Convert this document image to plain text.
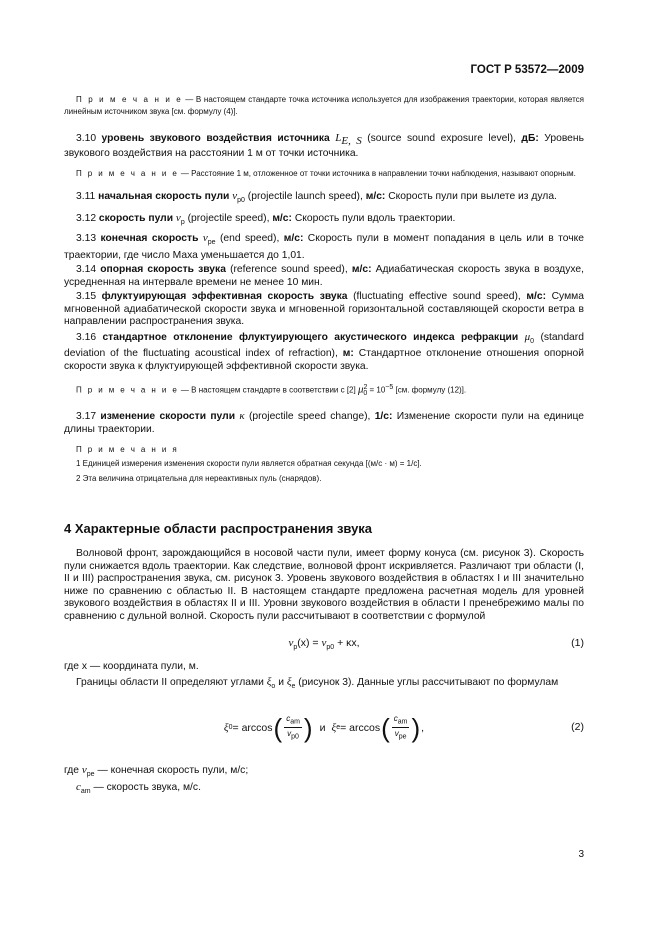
ГОСТ Р 53572—2009

П р и м е ч а н и е — В настоящем стандарте точка источника используется для изображения траектории, которая является линейным источником звука [см. формулу (4)].

3.10 уровень звукового воздействия источника $L_{E, S}$ (source sound exposure level), дБ: Уровень звукового воздействия на расстоянии 1 м от точки источника.

П р и м е ч а н и е — Расстояние 1 м, отложенное от точки источника в направлении точки наблюдения, называют опорным.

3.11 начальная скорость пули $v_{p0}$ (projectile launch speed), м/с: Скорость пули при вылете из дула.

3.12 скорость пули $v_p$ (projectile speed), м/с: Скорость пули вдоль траектории.

3.13 конечная скорость $v_{pe}$ (end speed), м/с: Скорость пули в момент попадания в цель или в точке траектории, где число Маха уменьшается до 1,01.

3.14 опорная скорость звука (reference sound speed), м/с: Адиабатическая скорость звука в воздухе, усредненная на интервале времени не менее 10 мин.

3.15 флуктуирующая эффективная скорость звука (fluctuating effective sound speed), м/с: Сумма мгновенной адиабатической скорости звука и мгновенной горизонтальной составляющей скорости ветра в направлении распространения звука.

3.16 стандартное отклонение флуктуирующего акустического индекса рефракции $\mu_0$ (standard deviation of the fluctuating acoustical index of refraction), м: Стандартное отклонение отношения опорной скорости звука к флуктуирующей эффективной скорости звука.

П р и м е ч а н и е — В настоящем стандарте в соответствии с [2] $\mu^2_0 = 10^{-5}$ [см. формулу (12)].

3.17 изменение скорости пули κ (projectile speed change), 1/с: Изменение скорости пули на единице длины траектории.

П р и м е ч а н и я

1 Единицей измерения изменения скорости пули является обратная секунда [(м/с · м) = 1/с].

2 Эта величина отрицательна для нереактивных пуль (снарядов).

4 Характерные области распространения звука

Волновой фронт, зарождающийся в носовой части пули, имеет форму конуса (см. рисунок 3). Скорость пули снижается вдоль траектории. Как следствие, волновой фронт искривляется. Различают три области (I, II и III) распространения звука, см. рисунок 3. Уровень звукового воздействия в областях I и III значительно ниже по сравнению с областью II. В настоящем стандарте предложена расчетная модель для уровней звукового воздействия в областях II и III. Уровни звукового воздействия в области I пренебрежимо малы по сравнению с дульной волной. Скорость пули рассчитывают в соответствии с формулой

$v_p(x) = v_{p0} + \kappa x$,	(1)

где x — координата пули, м.

Границы области II определяют углами $\xi_o$ и $\xi_e$ (рисунок 3). Данные углы рассчитывают по формулам

ξ 0 = arccos ( $\frac{c_{am}}{v_{p0}}$ ) и ξ e = arccos ( $\frac{c_{am}}{v_{pe}}$ ) ,	(2)

где $v_{pe}$ — конечная скорость пули, м/с;

$c_{am}$ — скорость звука, м/с.

3
